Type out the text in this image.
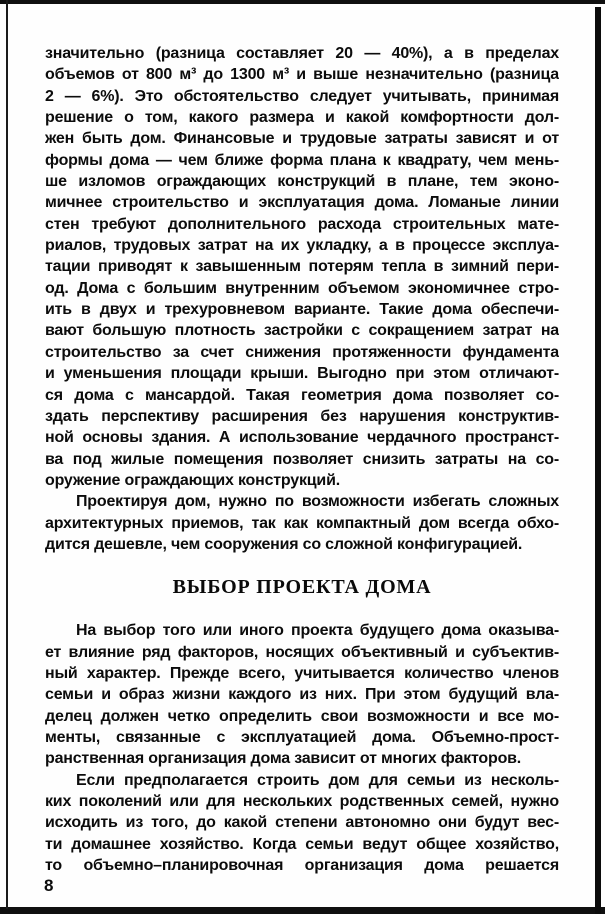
значительно (разница составляет 20 — 40%), а в пределах
объемов от 800 м³ до 1300 м³ и выше незначительно (разница
2 — 6%). Это обстоятельство следует учитывать, принимая
решение о том, какого размера и какой комфортности дол-
жен быть дом. Финансовые и трудовые затраты зависят и от
формы дома — чем ближе форма плана к квадрату, чем мень-
ше изломов ограждающих конструкций в плане, тем эконо-
мичнее строительство и эксплуатация дома. Ломаные линии
стен требуют дополнительного расхода строительных мате-
риалов, трудовых затрат на их укладку, а в процессе эксплуа-
тации приводят к завышенным потерям тепла в зимний пери-
од. Дома с большим внутренним объемом экономичнее стро-
ить в двух и трехуровневом варианте. Такие дома обеспечи-
вают большую плотность застройки с сокращением затрат на
строительство за счет снижения протяженности фундамента
и уменьшения площади крыши. Выгодно при этом отличают-
ся дома с мансардой. Такая геометрия дома позволяет со-
здать перспективу расширения без нарушения конструктив-
ной основы здания. А использование чердачного пространст-
ва под жилые помещения позволяет снизить затраты на со-
оружение ограждающих конструкций.
Проектируя дом, нужно по возможности избегать сложных
архитектурных приемов, так как компактный дом всегда обхо-
дится дешевле, чем сооружения со сложной конфигурацией.
ВЫБОР ПРОЕКТА ДОМА
На выбор того или иного проекта будущего дома оказыва-
ет влияние ряд факторов, носящих объективный и субъектив-
ный характер. Прежде всего, учитывается количество членов
семьи и образ жизни каждого из них. При этом будущий вла-
делец должен четко определить свои возможности и все мо-
менты, связанные с эксплуатацией дома. Объемно-прост-
ранственная организация дома зависит от многих факторов.
Если предполагается строить дом для семьи из несколь-
ких поколений или для нескольких родственных семей, нужно
исходить из того, до какой степени автономно они будут вес-
ти домашнее хозяйство. Когда семьи ведут общее хозяйство,
то объемно–планировочная организация дома решается
8
